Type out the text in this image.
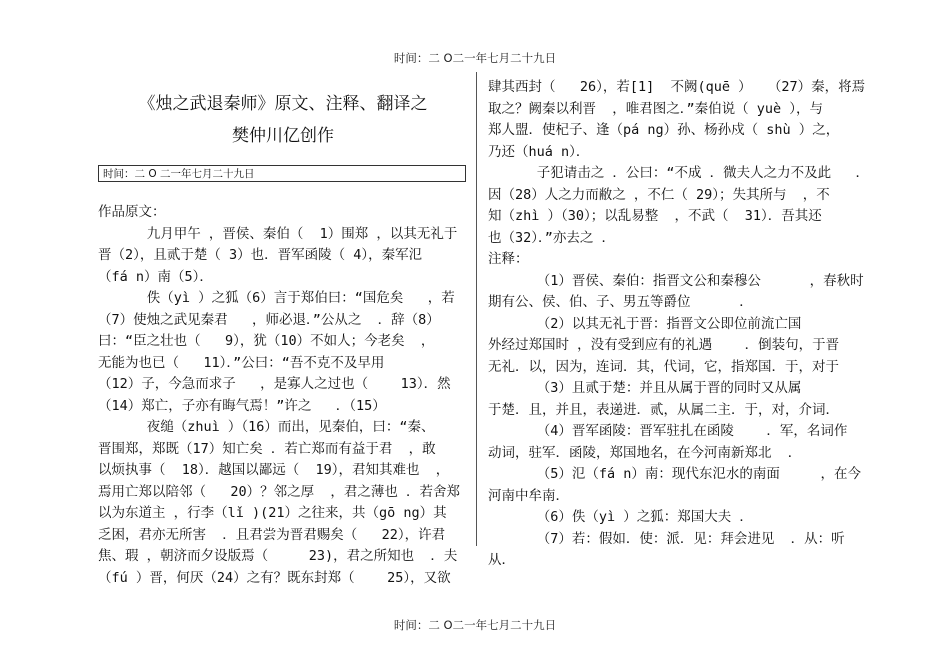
时间：二 O二一年七月二十九日
《烛之武退秦师》原文、注释、翻译之
樊仲川亿创作
时间：二 O 二一年七月二十九日
作品原文：
九月甲午 ，晋侯、秦伯（  1）围郑 ，以其无礼于
晋（2），且贰于楚（ 3）也．晋军函陵（ 4），秦军氾
（fá n）南（5）．
佚（yì ）之狐（6）言于郑伯曰：“国危矣   ，若
（7）使烛之武见秦君   ，师必退．”公从之  ．辞（8）
曰：“臣之壮也（   9），犹（10）不如人；今老矣  ，
无能为也已（   11）．”公曰：“吾不克不及早用
（12）子，今急而求子   ，是寡人之过也（    13）．然
（14）郑亡，子亦有晦气焉！”许之   ．（15）
夜缒（zhuì ）（16）而出，见秦伯，曰：“秦、
晋围郑，郑既（17）知亡矣 ．若亡郑而有益于君  ，敢
以烦执事（  18）．越国以鄙远（  19），君知其难也  ，
焉用亡郑以陪邻（   20）？邻之厚  ，君之薄也 ．若舍郑
以为东道主 ，行李（lǐ )(21）之往来，共（gō ng）其
乏困，君亦无所害  ．且君尝为晋君赐矣（   22），许君
焦、瑕 ，朝济而夕设版焉（     23)，君之所知也  ．夫
（fú ）晋，何厌（24）之有？既东封郑（    25），又欲
肆其西封（   26），若[1]  不阙(quē ）  （27）秦，将焉
取之？阙秦以利晋  ，唯君图之．”秦伯说（ yuè ），与
郑人盟．使杞子、逢（pá ng）孙、杨孙戍（ shù ）之，
乃还（huá n）．
子犯请击之 ．公曰：“不成 ．微夫人之力不及此   ．
因（28）人之力而敝之 ，不仁（ 29）；失其所与  ，不
知（zhì ）（30）；以乱易整  ，不武（  31）．吾其还
也（32）．”亦去之 ．
注释：
（1）晋侯、秦伯：指晋文公和秦穆公      ，春秋时
期有公、侯、伯、子、男五等爵位      ．
（2）以其无礼于晋：指晋文公即位前流亡国
外经过郑国时 ，没有受到应有的礼遇    ．倒装句，于晋
无礼．以，因为，连词．其，代词，它，指郑国．于，对于
（3）且贰于楚：并且从属于晋的同时又从属
于楚．且，并且，表递进．贰，从属二主．于，对，介词．
（4）晋军函陵：晋军驻扎在函陵    ．军，名词作
动词，驻军．函陵，郑国地名，在今河南新郑北  ．
（5）氾（fá n）南：现代东氾水的南面     ，在今
河南中牟南．
（6）佚（yì ）之狐：郑国大夫 ．
（7）若：假如．使：派．见：拜会进见  ．从：听
从．
时间：二 O二一年七月二十九日
